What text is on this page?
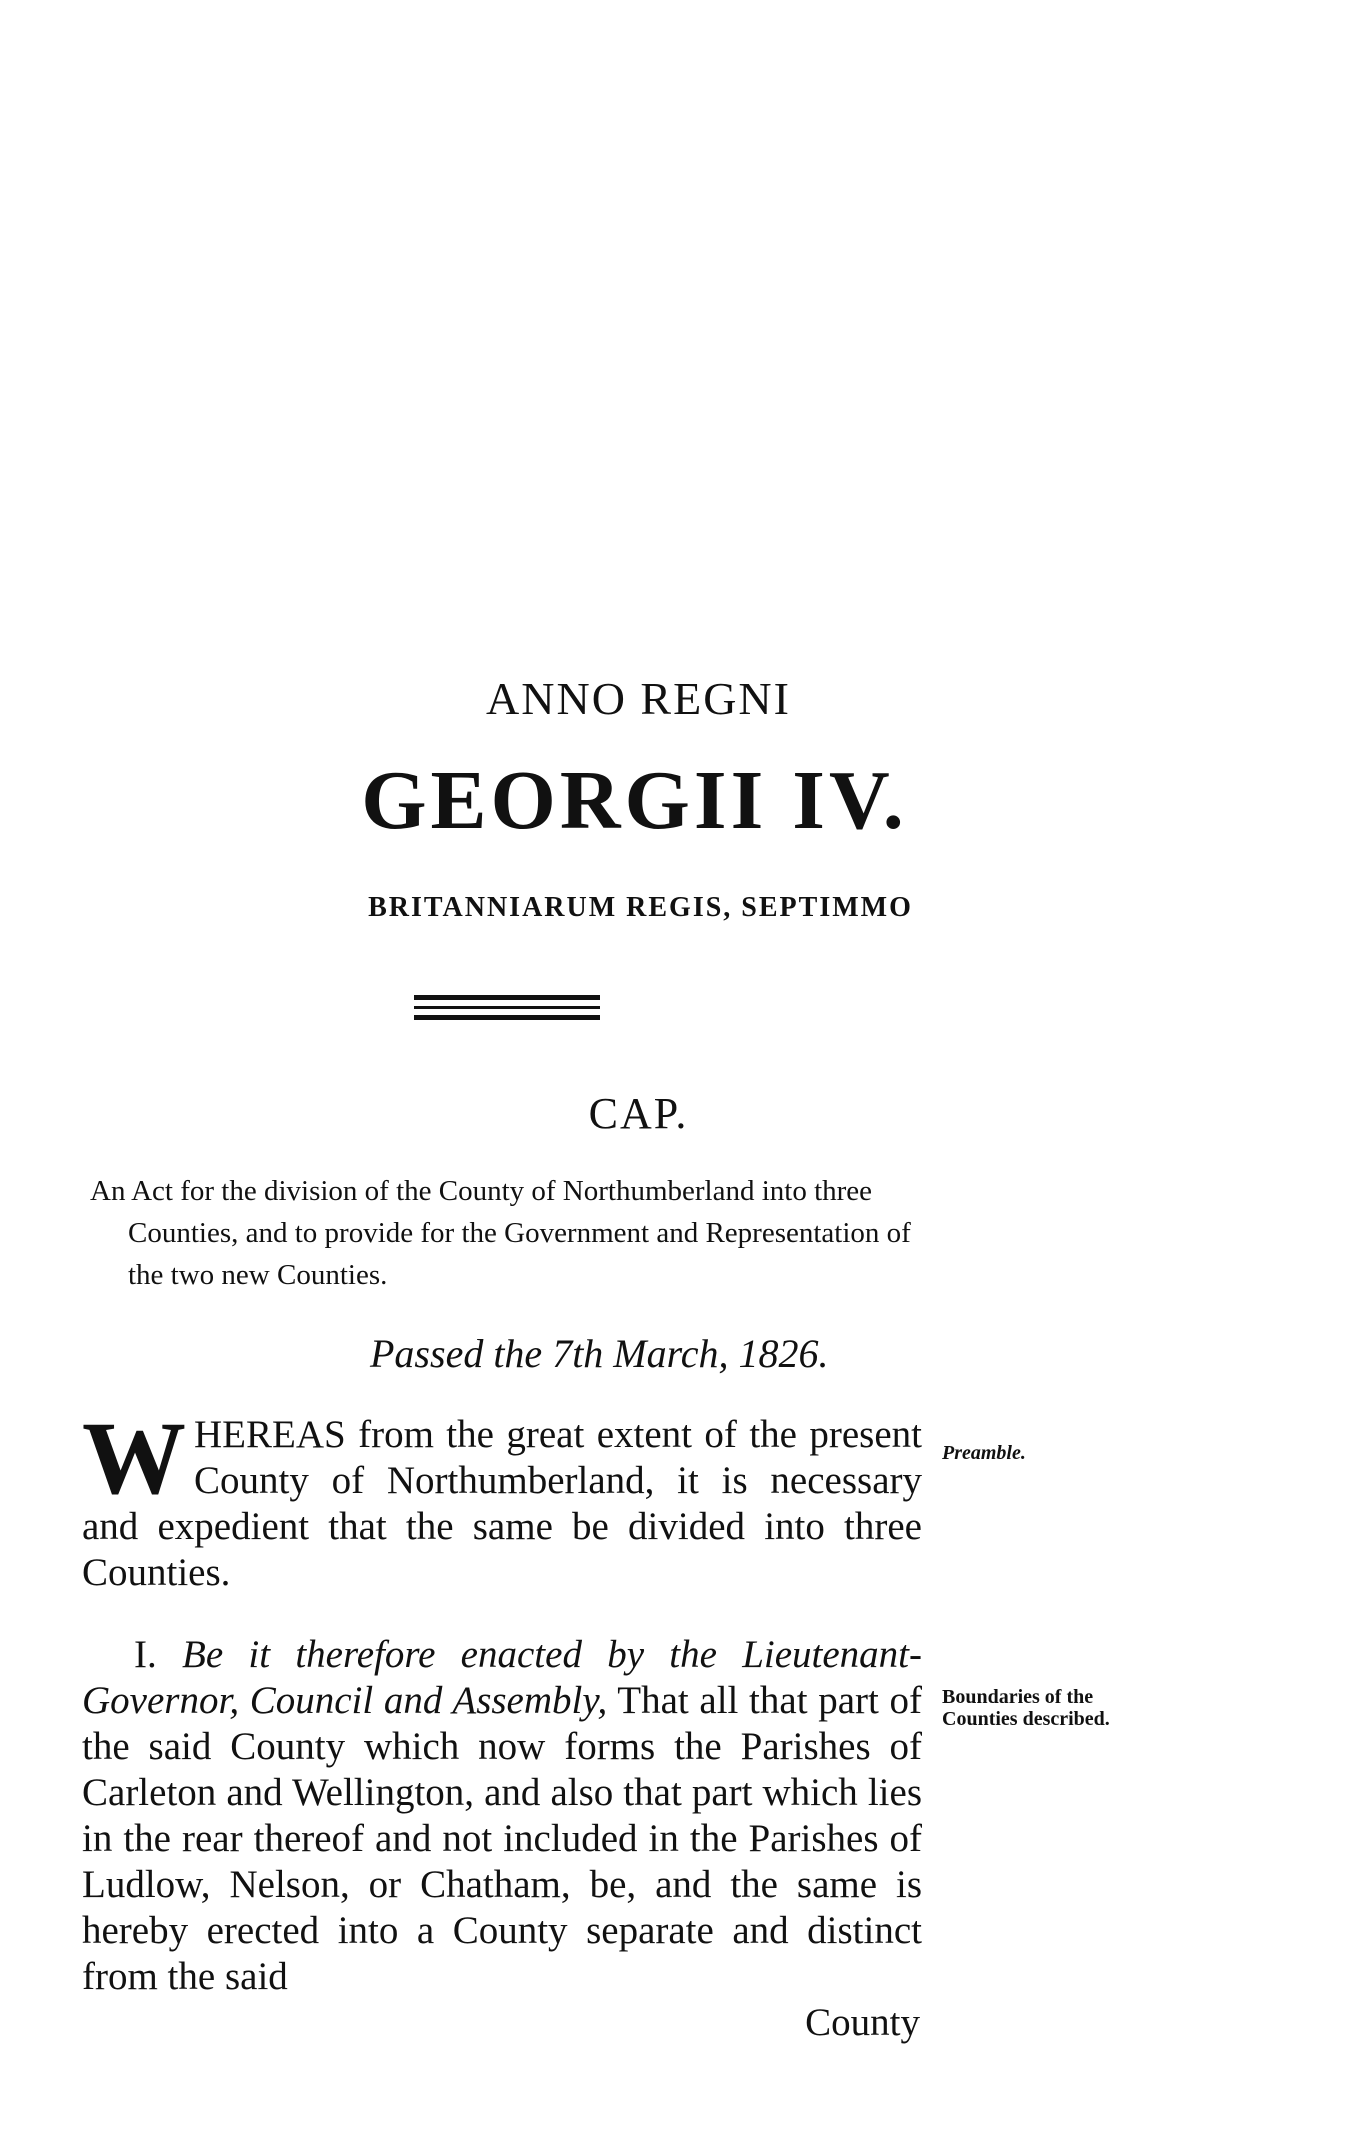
ANNO REGNI
GEORGII IV.
BRITANNIARUM REGIS, SEPTIMMO
CAP.
An Act for the division of the County of Northumberland into three Counties, and to provide for the Government and Representation of the two new Counties.
Passed the 7th March, 1826.
WHEREAS from the great extent of the present County of Northumberland, it is necessary and expedient that the same be divided into three Counties.
Preamble.
I. Be it therefore enacted by the Lieutenant-Governor, Council and Assembly, That all that part of the said County which now forms the Parishes of Carleton and Wellington, and also that part which lies in the rear thereof and not included in the Parishes of Ludlow, Nelson, or Chatham, be, and the same is hereby erected into a County separate and distinct from the said
Boundaries of the Counties described.
County
